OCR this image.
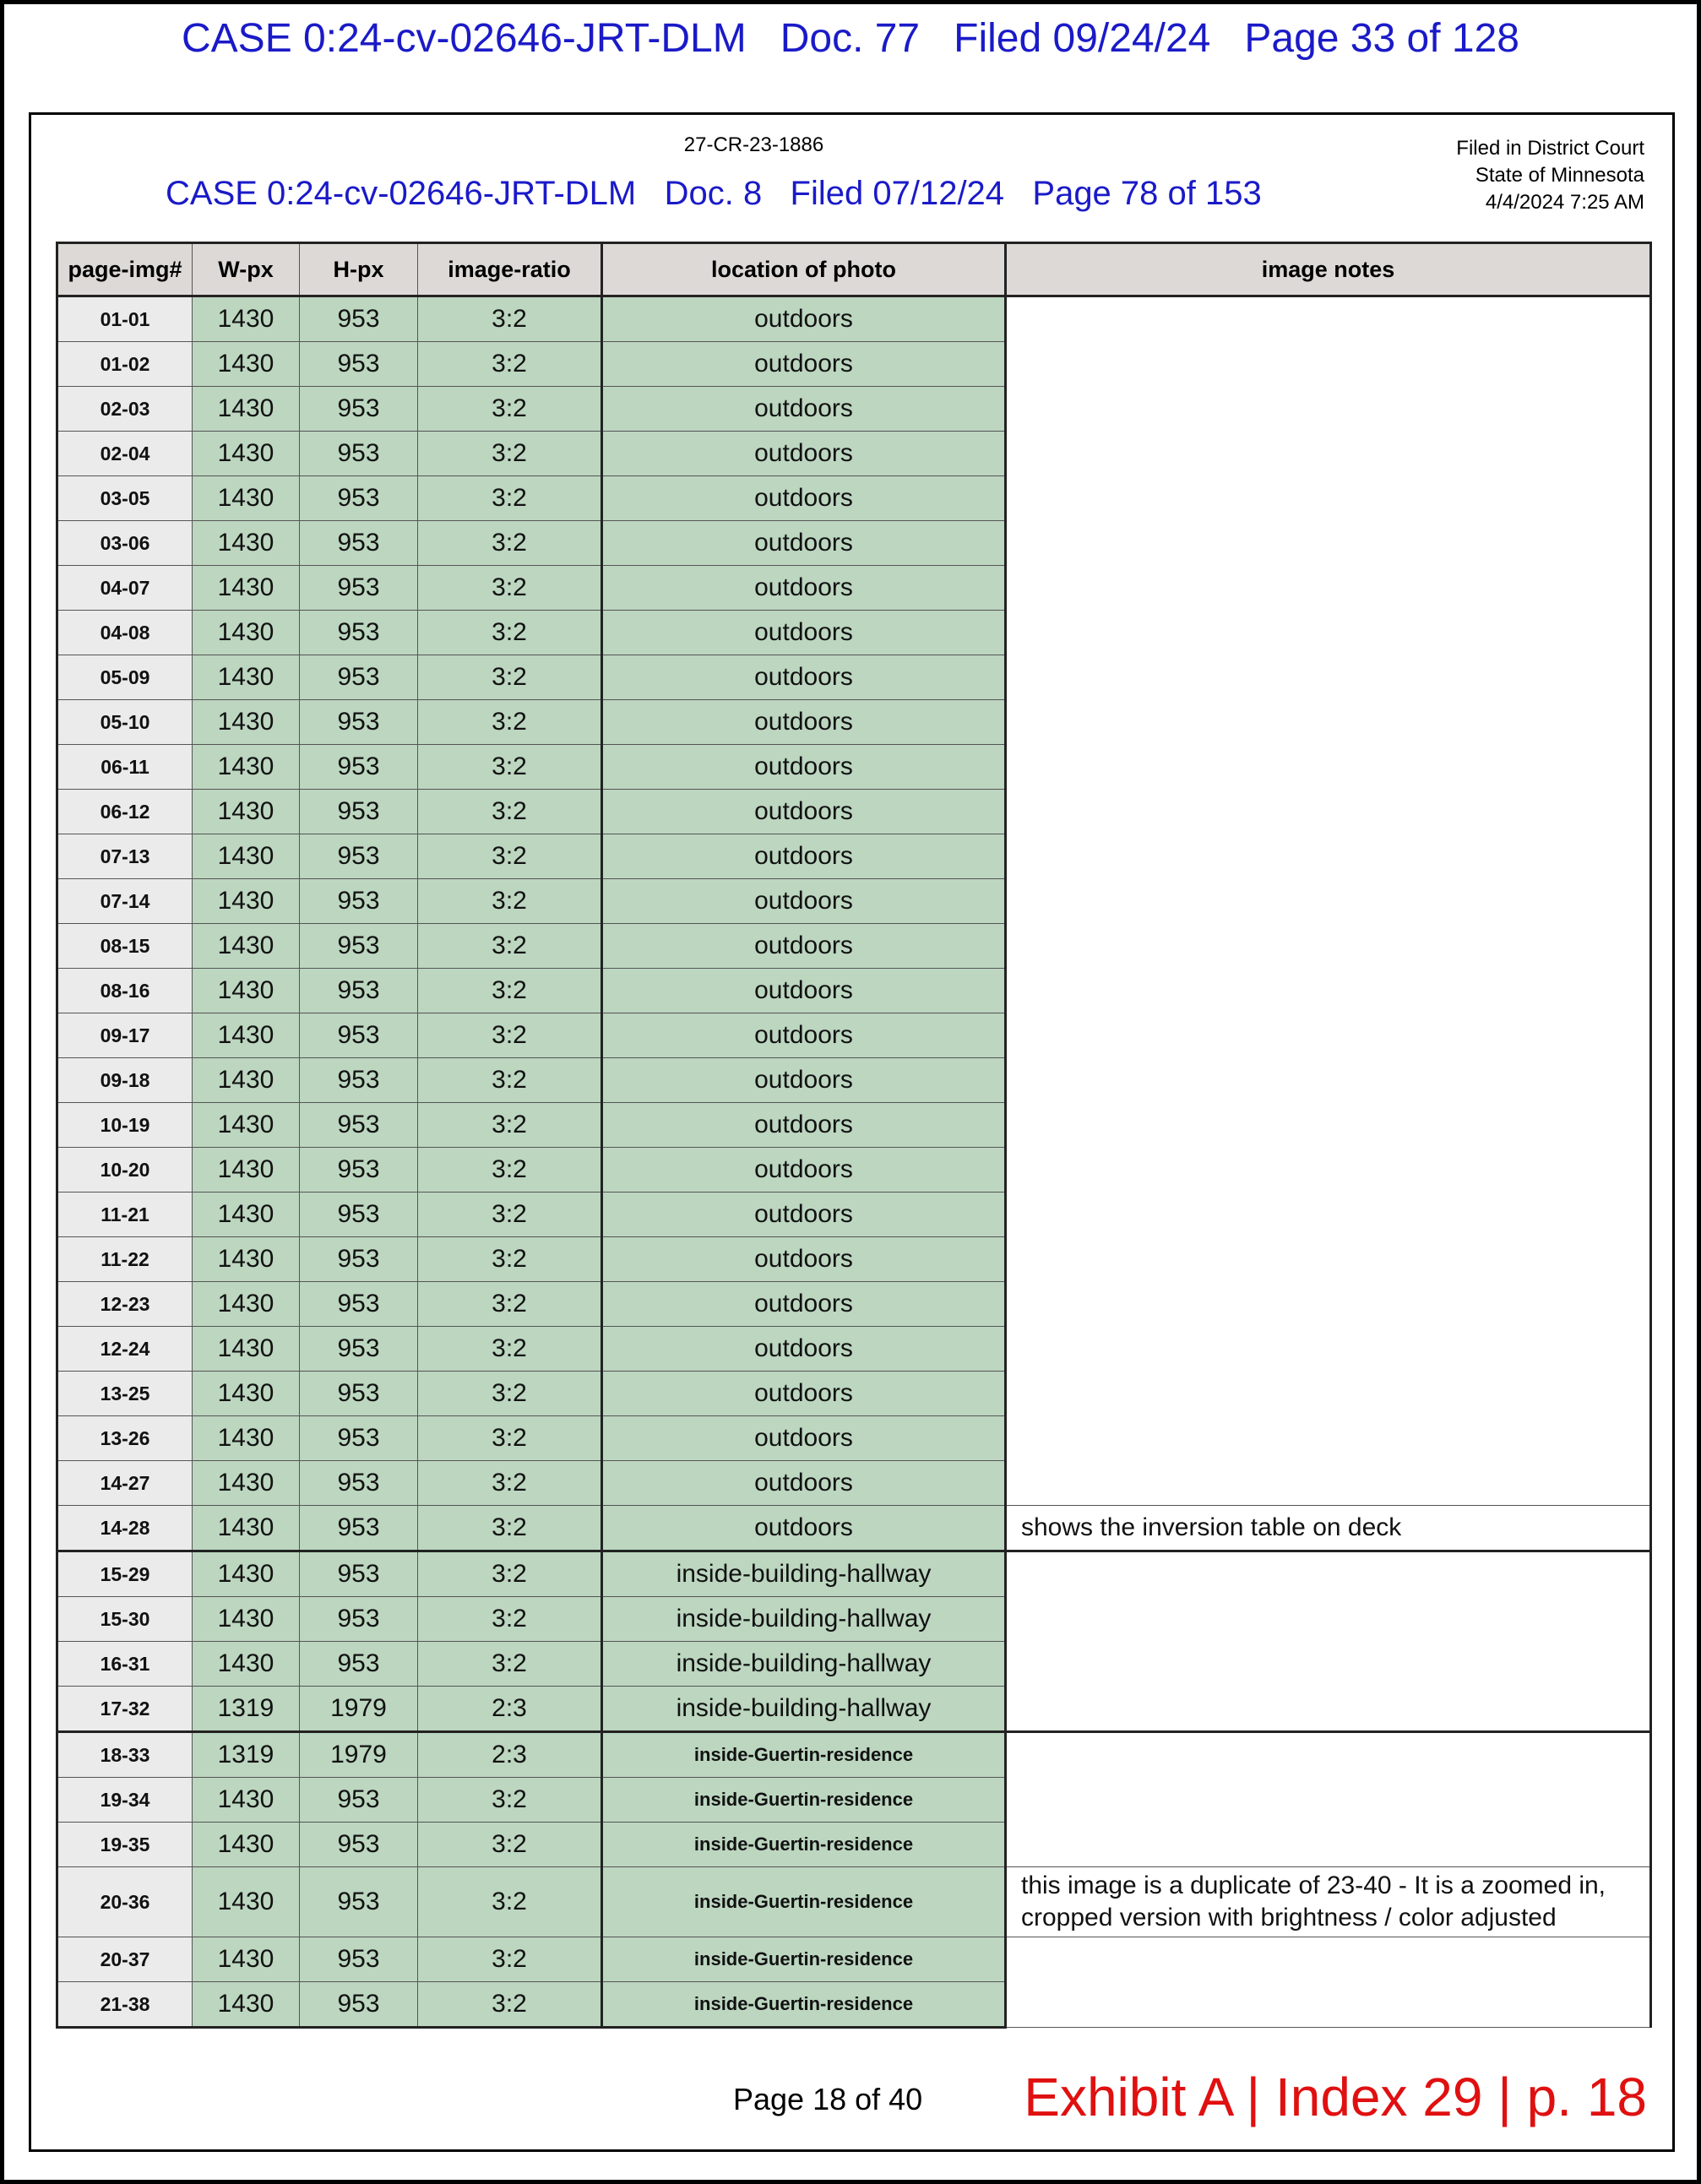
CASE 0:24-cv-02646-JRT-DLM   Doc. 77   Filed 09/24/24   Page 33 of 128
27-CR-23-1886	Filed in District Court
State of Minnesota
4/4/2024 7:25 AM
CASE 0:24-cv-02646-JRT-DLM   Doc. 8   Filed 07/12/24   Page 78 of 153
page-img#	W-px	H-px	image-ratio	location of photo	image notes
01-01	1430	953	3:2	outdoors	
01-02	1430	953	3:2	outdoors	
02-03	1430	953	3:2	outdoors	
02-04	1430	953	3:2	outdoors	
03-05	1430	953	3:2	outdoors	
03-06	1430	953	3:2	outdoors	
04-07	1430	953	3:2	outdoors	
04-08	1430	953	3:2	outdoors	
05-09	1430	953	3:2	outdoors	
05-10	1430	953	3:2	outdoors	
06-11	1430	953	3:2	outdoors	
06-12	1430	953	3:2	outdoors	
07-13	1430	953	3:2	outdoors	
07-14	1430	953	3:2	outdoors	
08-15	1430	953	3:2	outdoors	
08-16	1430	953	3:2	outdoors	
09-17	1430	953	3:2	outdoors	
09-18	1430	953	3:2	outdoors	
10-19	1430	953	3:2	outdoors	
10-20	1430	953	3:2	outdoors	
11-21	1430	953	3:2	outdoors	
11-22	1430	953	3:2	outdoors	
12-23	1430	953	3:2	outdoors	
12-24	1430	953	3:2	outdoors	
13-25	1430	953	3:2	outdoors	
13-26	1430	953	3:2	outdoors	
14-27	1430	953	3:2	outdoors	
14-28	1430	953	3:2	outdoors	shows the inversion table on deck
15-29	1430	953	3:2	inside-building-hallway	
15-30	1430	953	3:2	inside-building-hallway	
16-31	1430	953	3:2	inside-building-hallway	
17-32	1319	1979	2:3	inside-building-hallway	
18-33	1319	1979	2:3	inside-Guertin-residence	
19-34	1430	953	3:2	inside-Guertin-residence	
19-35	1430	953	3:2	inside-Guertin-residence	
20-36	1430	953	3:2	inside-Guertin-residence	this image is a duplicate of 23-40 - It is a zoomed in, cropped version with brightness / color adjusted
20-37	1430	953	3:2	inside-Guertin-residence	
21-38	1430	953	3:2	inside-Guertin-residence	
Page 18 of 40 Exhibit A | Index 29 | p. 18
